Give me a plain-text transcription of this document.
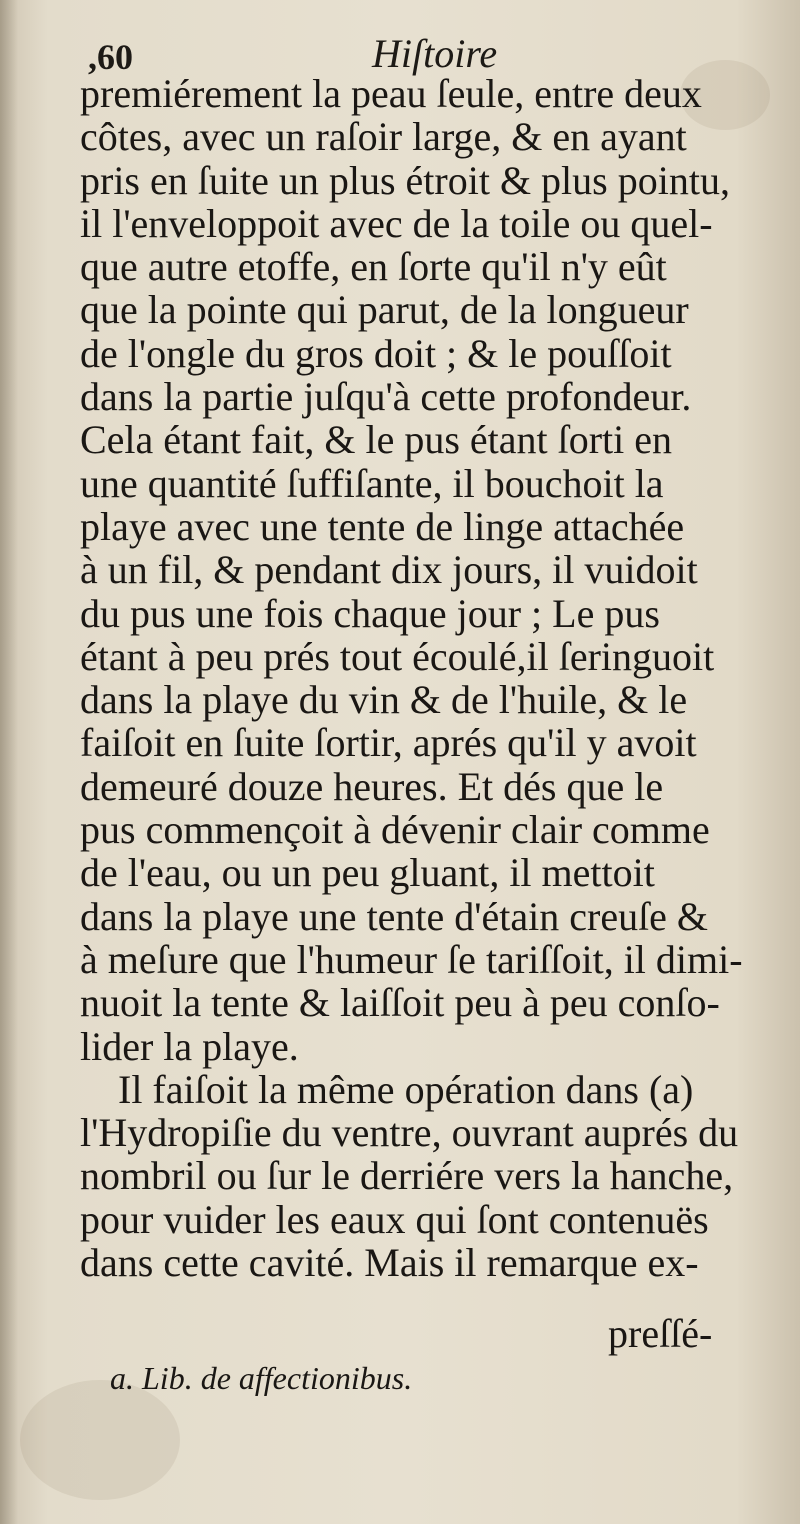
,60	Hiſtoire
premiérement la peau ſeule, entre deux
côtes, avec un raſoir large, & en ayant
pris en ſuite un plus étroit & plus pointu,
il l'enveloppoit avec de la toile ou quel-
que autre etoffe, en ſorte qu'il n'y eût
que la pointe qui parut, de la longueur
de l'ongle du gros doit ; & le pouſſoit
dans la partie juſqu'à cette profondeur.
Cela étant fait, & le pus étant ſorti en
une quantité ſuffiſante, il bouchoit la
playe avec une tente de linge attachée
à un fil, & pendant dix jours, il vuidoit
du pus une fois chaque jour ; Le pus
étant à peu prés tout écoulé,il ſeringuoit
dans la playe du vin & de l'huile, & le
faiſoit en ſuite ſortir, aprés qu'il y avoit
demeuré douze heures. Et dés que le
pus commençoit à dévenir clair comme
de l'eau, ou un peu gluant, il mettoit
dans la playe une tente d'étain creuſe &
à meſure que l'humeur ſe tariſſoit, il dimi-
nuoit la tente & laiſſoit peu à peu conſo-
lider la playe.
Il faiſoit la même opération dans (a)
l'Hydropiſie du ventre, ouvrant auprés du
nombril ou ſur le derriére vers la hanche,
pour vuider les eaux qui ſont contenuës
dans cette cavité. Mais il remarque ex-
preſſé-
a. Lib. de affectionibus.
